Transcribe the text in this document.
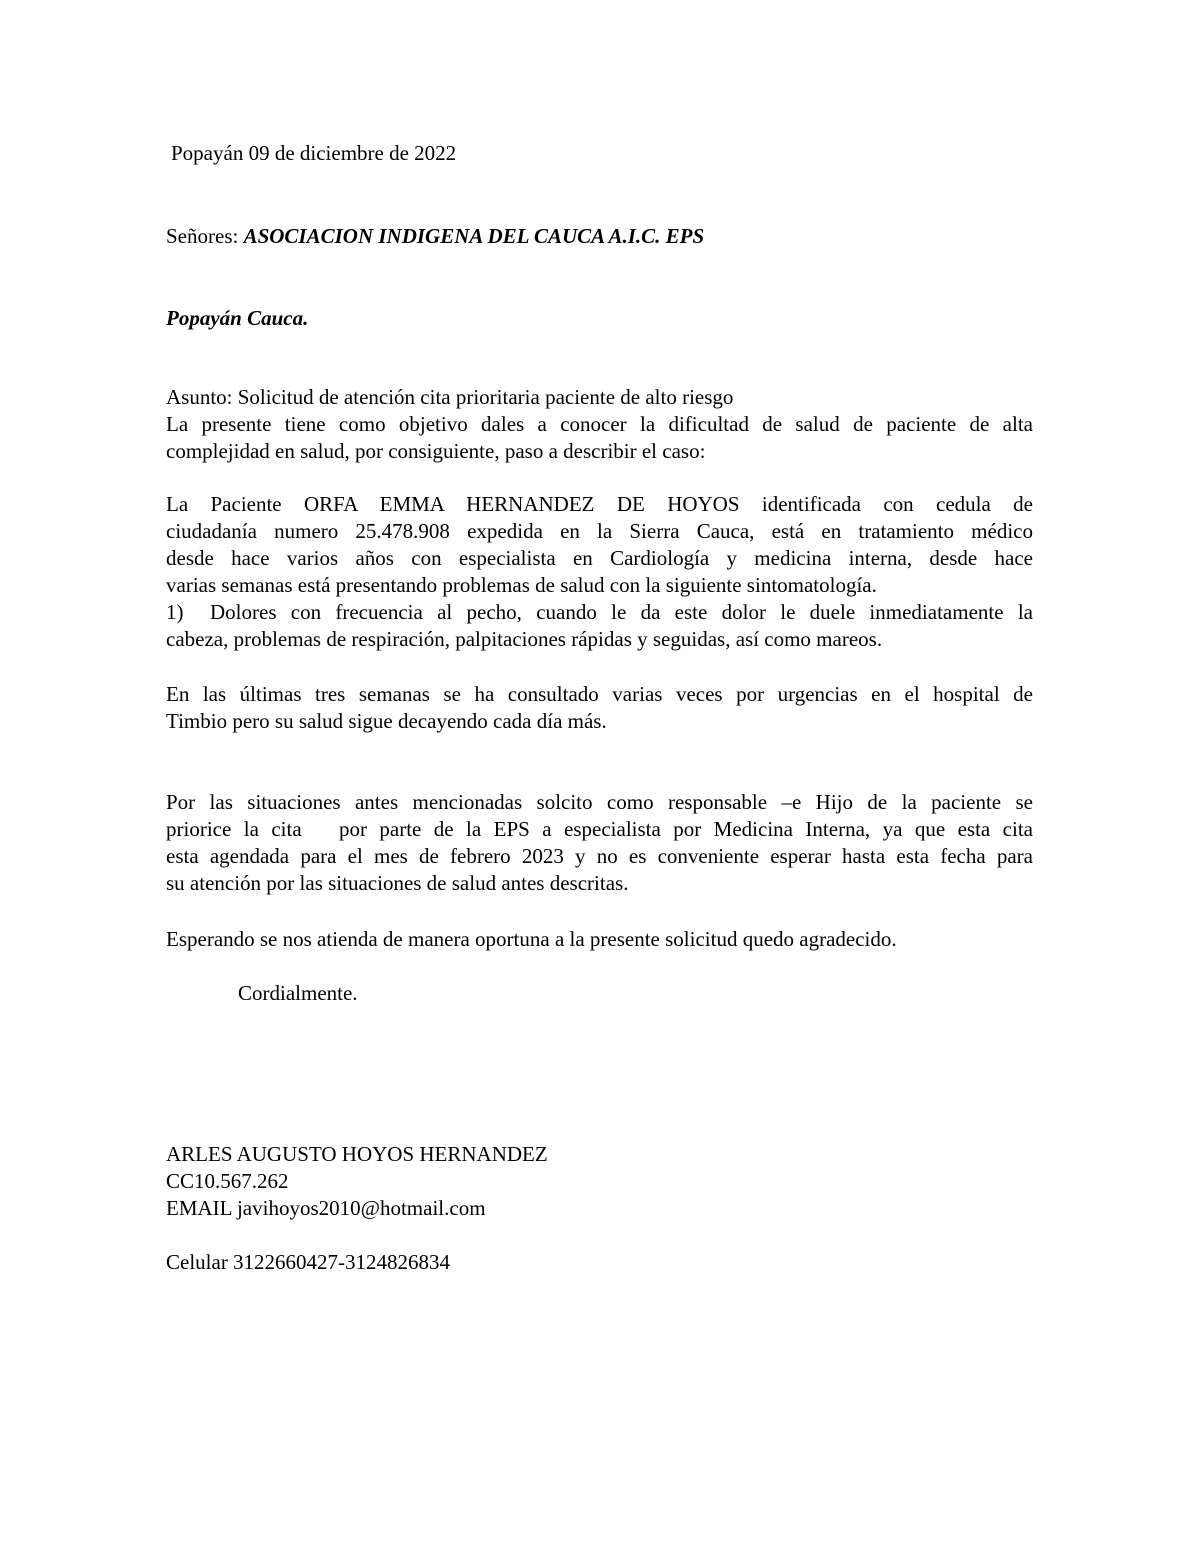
Popayán 09 de diciembre de 2022
Señores: ASOCIACION INDIGENA DEL CAUCA A.I.C. EPS
Popayán Cauca.
Asunto: Solicitud de atención cita prioritaria paciente de alto riesgo
La presente tiene como objetivo dales a conocer la dificultad de salud de paciente de alta
complejidad en salud, por consiguiente, paso a describir el caso:
La Paciente ORFA EMMA HERNANDEZ DE HOYOS identificada con cedula de
ciudadanía numero 25.478.908 expedida en la Sierra Cauca, está en tratamiento médico
desde hace varios años con especialista en Cardiología y medicina interna, desde hace
varias semanas está presentando problemas de salud con la siguiente sintomatología.
1) Dolores con frecuencia al pecho, cuando le da este dolor le duele inmediatamente la
cabeza, problemas de respiración, palpitaciones rápidas y seguidas, así como mareos.
En las últimas tres semanas se ha consultado varias veces por urgencias en el hospital de
Timbio pero su salud sigue decayendo cada día más.
Por las situaciones antes mencionadas solcito como responsable –e Hijo de la paciente se
priorice la cita   por parte de la EPS a especialista por Medicina Interna, ya que esta cita
esta agendada para el mes de febrero 2023 y no es conveniente esperar hasta esta fecha para
su atención por las situaciones de salud antes descritas.
Esperando se nos atienda de manera oportuna a la presente solicitud quedo agradecido.
Cordialmente.
ARLES AUGUSTO HOYOS HERNANDEZ
CC10.567.262
EMAIL javihoyos2010@hotmail.com
Celular 3122660427-3124826834
